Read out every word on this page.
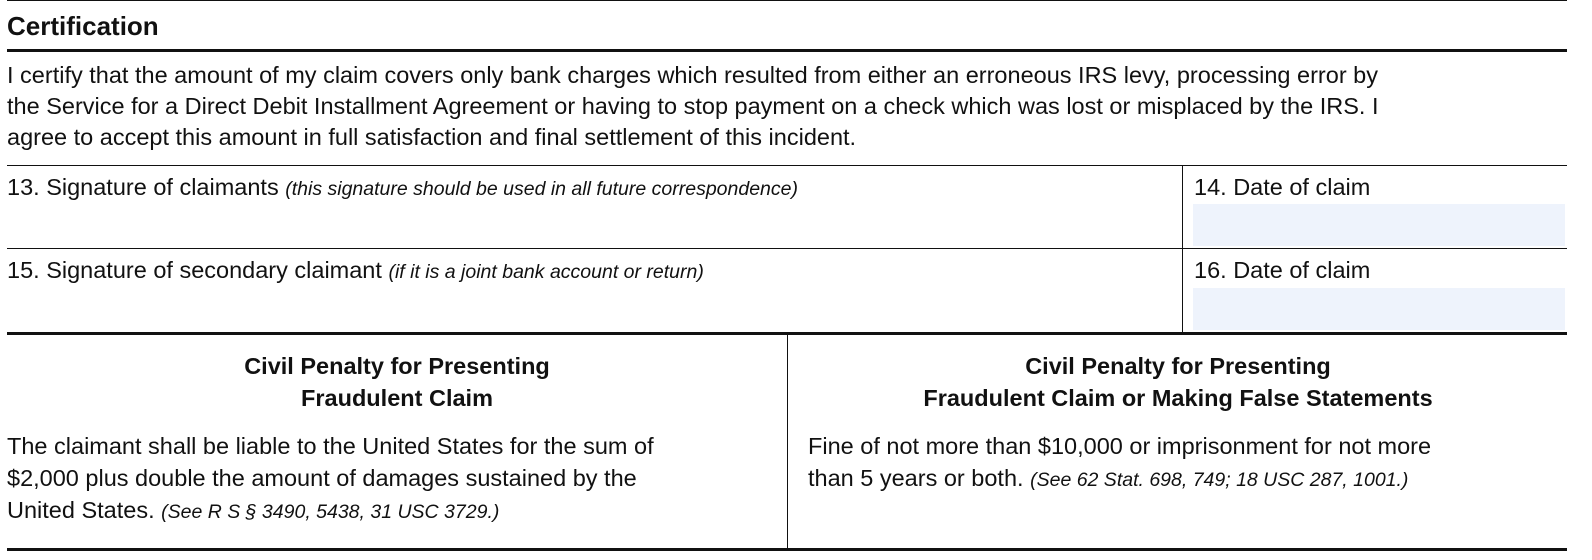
Certification
I certify that the amount of my claim covers only bank charges which resulted from either an erroneous IRS levy, processing error by
the Service for a Direct Debit Installment Agreement or having to stop payment on a check which was lost or misplaced by the IRS. I
agree to accept this amount in full satisfaction and final settlement of this incident.
13. Signature of claimants (this signature should be used in all future correspondence)	14. Date of claim
15. Signature of secondary claimant (if it is a joint bank account or return)	16. Date of claim
Civil Penalty for Presenting
Fraudulent Claim
The claimant shall be liable to the United States for the sum of
$2,000 plus double the amount of damages sustained by the
United States. (See R S § 3490, 5438, 31 USC 3729.)
Civil Penalty for Presenting
Fraudulent Claim or Making False Statements
Fine of not more than $10,000 or imprisonment for not more
than 5 years or both. (See 62 Stat. 698, 749; 18 USC 287, 1001.)
